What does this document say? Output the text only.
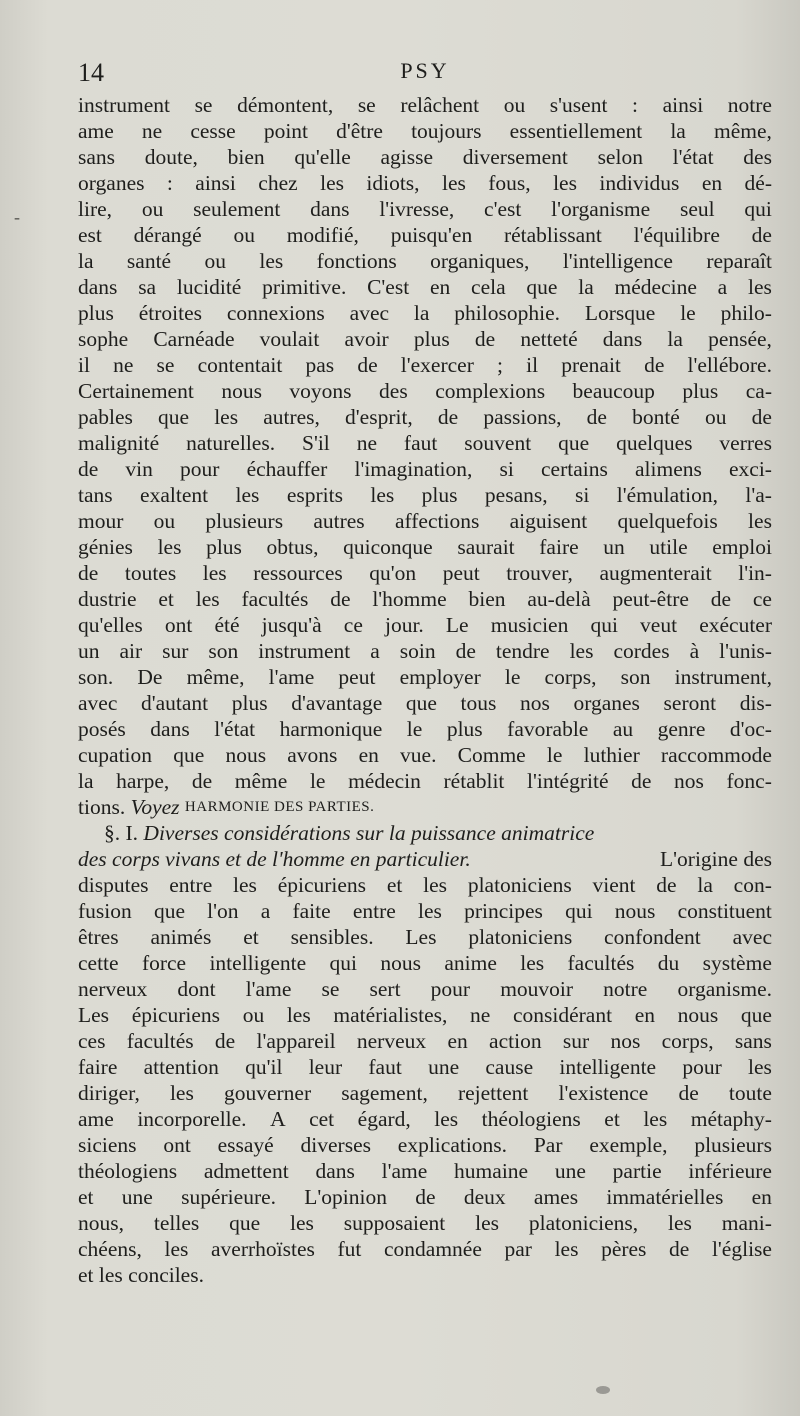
-
14	PSY
instrument se démontent, se relâchent ou s'usent : ainsi notre
ame ne cesse point d'être toujours essentiellement la même,
sans doute, bien qu'elle agisse diversement selon l'état des
organes : ainsi chez les idiots, les fous, les individus en dé-
lire, ou seulement dans l'ivresse, c'est l'organisme seul qui
est dérangé ou modifié, puisqu'en rétablissant l'équilibre de
la santé ou les fonctions organiques, l'intelligence reparaît
dans sa lucidité primitive. C'est en cela que la médecine a les
plus étroites connexions avec la philosophie. Lorsque le philo-
sophe Carnéade voulait avoir plus de netteté dans la pensée,
il ne se contentait pas de l'exercer ; il prenait de l'ellébore.
Certainement nous voyons des complexions beaucoup plus ca-
pables que les autres, d'esprit, de passions, de bonté ou de
malignité naturelles. S'il ne faut souvent que quelques verres
de vin pour échauffer l'imagination, si certains alimens exci-
tans exaltent les esprits les plus pesans, si l'émulation, l'a-
mour ou plusieurs autres affections aiguisent quelquefois les
génies les plus obtus, quiconque saurait faire un utile emploi
de toutes les ressources qu'on peut trouver, augmenterait l'in-
dustrie et les facultés de l'homme bien au-delà peut-être de ce
qu'elles ont été jusqu'à ce jour. Le musicien qui veut exécuter
un air sur son instrument a soin de tendre les cordes à l'unis-
son. De même, l'ame peut employer le corps, son instrument,
avec d'autant plus d'avantage que tous nos organes seront dis-
posés dans l'état harmonique le plus favorable au genre d'oc-
cupation que nous avons en vue. Comme le luthier raccommode
la harpe, de même le médecin rétablit l'intégrité de nos fonc-
tions.
Voyez
HARMONIE DES PARTIES.
§. I.
Diverses considérations sur la puissance animatrice
des corps vivans et de l'homme en particulier.	L'origine des
disputes entre les épicuriens et les platoniciens vient de la con-
fusion que l'on a faite entre les principes qui nous constituent
êtres animés et sensibles. Les platoniciens confondent avec
cette force intelligente qui nous anime les facultés du système
nerveux dont l'ame se sert pour mouvoir notre organisme.
Les épicuriens ou les matérialistes, ne considérant en nous que
ces facultés de l'appareil nerveux en action sur nos corps, sans
faire attention qu'il leur faut une cause intelligente pour les
diriger, les gouverner sagement, rejettent l'existence de toute
ame incorporelle. A cet égard, les théologiens et les métaphy-
siciens ont essayé diverses explications. Par exemple, plusieurs
théologiens admettent dans l'ame humaine une partie inférieure
et une supérieure. L'opinion de deux ames immatérielles en
nous, telles que les supposaient les platoniciens, les mani-
chéens, les averrhoïstes fut condamnée par les pères de l'église
et les conciles.
